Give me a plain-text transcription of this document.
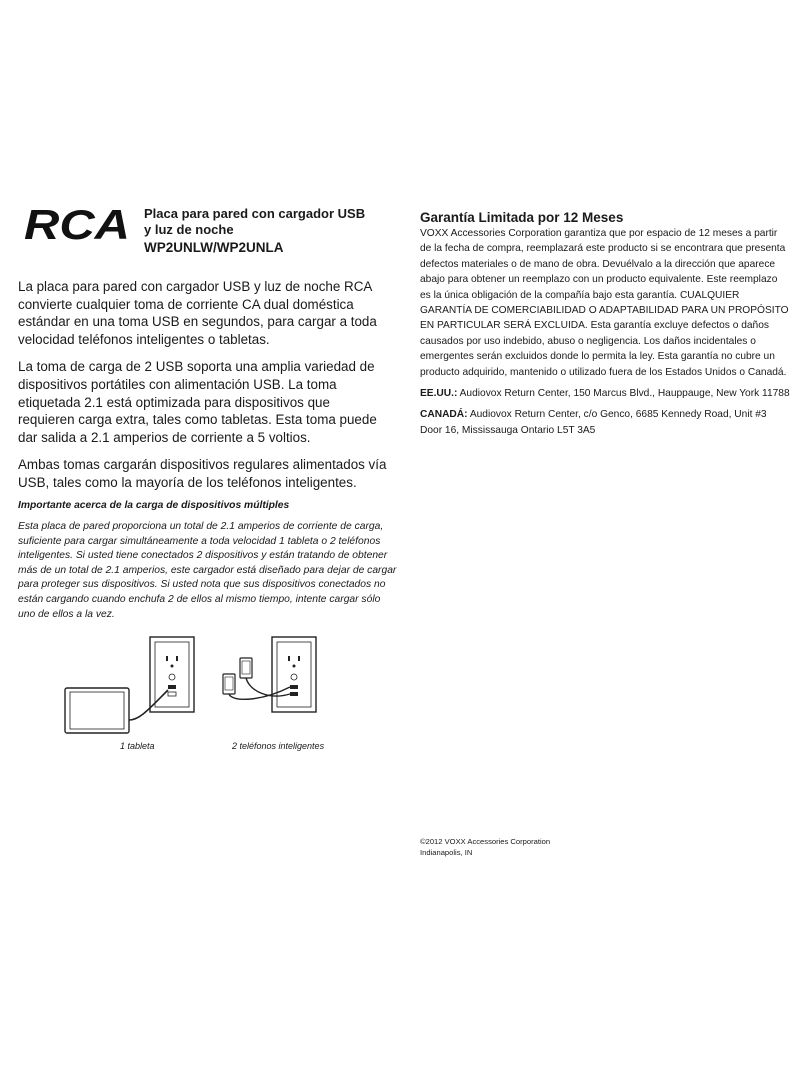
RCA Placa para pared con cargador USB y luz de noche
WP2UNLW/WP2UNLA

La placa para pared con cargador USB y luz de noche RCA convierte cualquier toma de corriente CA dual doméstica estándar en una toma USB en segundos, para cargar a toda velocidad teléfonos inteligentes o tabletas.

La toma de carga de 2 USB soporta una amplia variedad de dispositivos portátiles con alimentación USB. La toma etiquetada 2.1 está optimizada para dispositivos que requieren carga extra, tales como tabletas. Esta toma puede dar salida a 2.1 amperios de corriente a 5 voltios.

Ambas tomas cargarán dispositivos regulares alimentados vía USB, tales como la mayoría de los teléfonos inteligentes.

Importante acerca de la carga de dispositivos múltiples
Esta placa de pared proporciona un total de 2.1 amperios de corriente de carga, suficiente para cargar simultáneamente a toda velocidad 1 tableta o 2 teléfonos inteligentes. Si usted tiene conectados 2 dispositivos y están tratando de obtener más de un total de 2.1 amperios, este cargador está diseñado para dejar de cargar para proteger sus dispositivos. Si usted nota que sus dispositivos conectados no están cargando cuando enchufa 2 de ellos al mismo tiempo, intente cargar sólo uno de ellos a la vez.
1 tableta	2 teléfonos inteligentes
Garantía Limitada por 12 Meses

VOXX Accessories Corporation garantiza que por espacio de 12 meses a partir de la fecha de compra, reemplazará este producto si se encontrara que presenta defectos materiales o de mano de obra. Devuélvalo a la dirección que aparece abajo para obtener un reemplazo con un producto equivalente. Este reemplazo es la única obligación de la compañía bajo esta garantía. CUALQUIER GARANTÍA DE COMERCIABILIDAD O ADAPTABILIDAD PARA UN PROPÓSITO EN PARTICULAR SERÁ EXCLUIDA. Esta garantía excluye defectos o daños causados por uso indebido, abuso o negligencia. Los daños incidentales o emergentes serán excluidos donde lo permita la ley. Esta garantía no cubre un producto adquirido, mantenido o utilizado fuera de los Estados Unidos o Canadá.

EE.UU.: Audiovox Return Center, 150 Marcus Blvd., Hauppauge, New York 11788

CANADÁ: Audiovox Return Center, c/o Genco, 6685 Kennedy Road, Unit #3 Door 16, Mississauga Ontario L5T 3A5

©2012 VOXX Accessories Corporation
Indianapolis, IN
